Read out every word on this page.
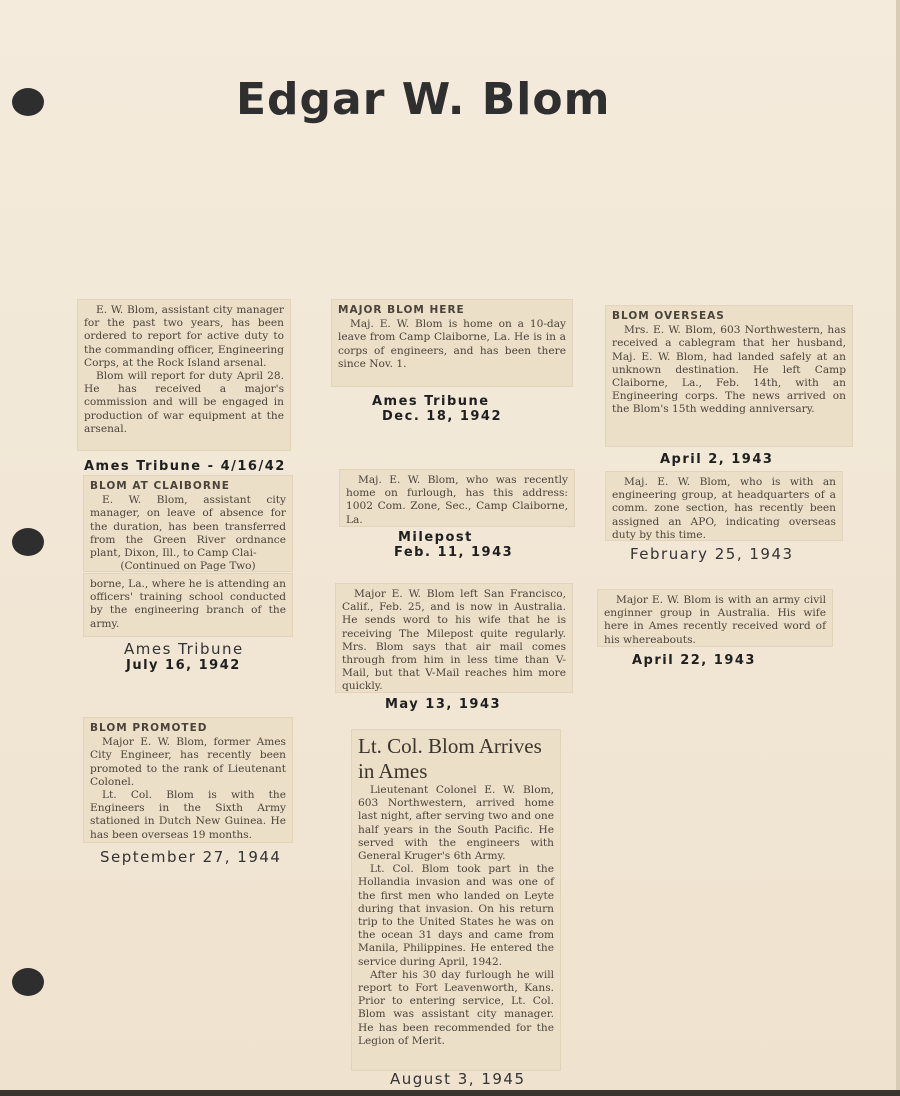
Edgar W. Blom

E. W. Blom, assistant city manager for the past two years, has been ordered to report for active duty to the commanding officer, Engineering Corps, at the Rock Island arsenal.

Blom will report for duty April 28. He has received a major's commission and will be engaged in production of war equipment at the arsenal.

Ames Tribune - 4/16/42
BLOM AT CLAIBORNE

E. W. Blom, assistant city manager, on leave of absence for the duration, has been transferred from the Green River ordnance plant, Dixon, Ill., to Camp Clai-

(Continued on Page Two)

borne, La., where he is attending an officers' training school conducted by the engineering branch of the army.

Ames Tribune
July 16, 1942
BLOM PROMOTED

Major E. W. Blom, former Ames City Engineer, has recently been promoted to the rank of Lieutenant Colonel.

Lt. Col. Blom is with the Engineers in the Sixth Army stationed in Dutch New Guinea. He has been overseas 19 months.

September 27, 1944
MAJOR BLOM HERE

Maj. E. W. Blom is home on a 10-day leave from Camp Claiborne, La. He is in a corps of engineers, and has been there since Nov. 1.

Ames Tribune
Dec. 18, 1942

Maj. E. W. Blom, who was recently home on furlough, has this address: 1002 Com. Zone, Sec., Camp Claiborne, La.

Milepost
Feb. 11, 1943

Major E. W. Blom left San Francisco, Calif., Feb. 25, and is now in Australia. He sends word to his wife that he is receiving The Milepost quite regularly. Mrs. Blom says that air mail comes through from him in less time than V-Mail, but that V-Mail reaches him more quickly.

May 13, 1943
Lt. Col. Blom Arrives in Ames

Lieutenant Colonel E. W. Blom, 603 Northwestern, arrived home last night, after serving two and one half years in the South Pacific. He served with the engineers with General Kruger's 6th Army.

Lt. Col. Blom took part in the Hollandia invasion and was one of the first men who landed on Leyte during that invasion. On his return trip to the United States he was on the ocean 31 days and came from Manila, Philippines. He entered the service during April, 1942.

After his 30 day furlough he will report to Fort Leavenworth, Kans. Prior to entering service, Lt. Col. Blom was assistant city manager. He has been recommended for the Legion of Merit.

August 3, 1945
BLOM OVERSEAS

Mrs. E. W. Blom, 603 Northwestern, has received a cablegram that her husband, Maj. E. W. Blom, had landed safely at an unknown destination. He left Camp Claiborne, La., Feb. 14th, with an Engineering corps. The news arrived on the Blom's 15th wedding anniversary.

April 2, 1943

Maj. E. W. Blom, who is with an engineering group, at headquarters of a comm. zone section, has recently been assigned an APO, indicating overseas duty by this time.

February 25, 1943

Major E. W. Blom is with an army civil enginner group in Australia. His wife here in Ames recently received word of his whereabouts.

April 22, 1943
